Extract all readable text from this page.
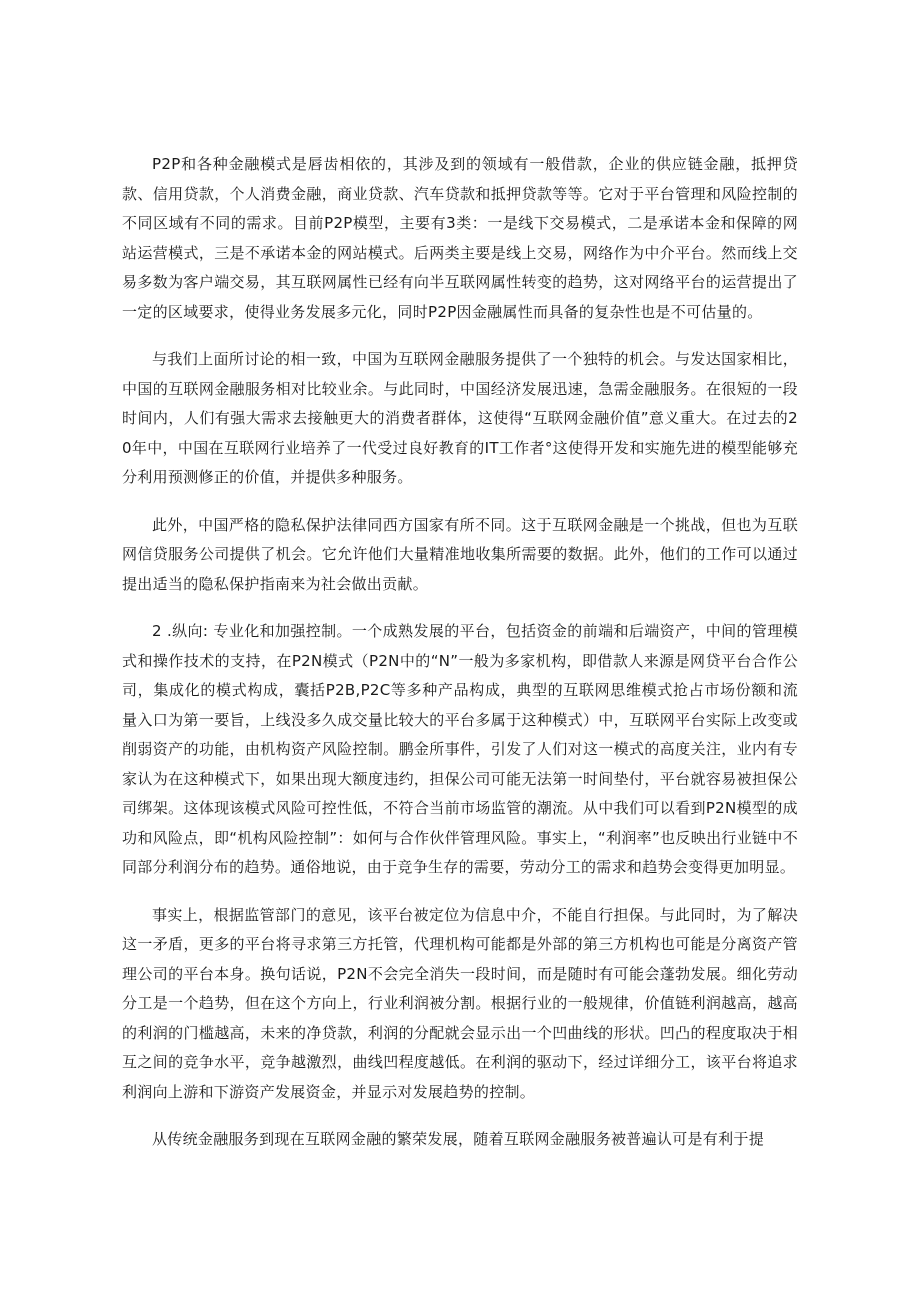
P2P和各种金融模式是唇齿相依的，其涉及到的领域有一般借款，企业的供应链金融，抵押贷款、信用贷款，个人消费金融，商业贷款、汽车贷款和抵押贷款等等。它对于平台管理和风险控制的不同区域有不同的需求。目前P2P模型，主要有3类：一是线下交易模式，二是承诺本金和保障的网站运营模式，三是不承诺本金的网站模式。后两类主要是线上交易，网络作为中介平台。然而线上交易多数为客户端交易，其互联网属性已经有向半互联网属性转变的趋势，这对网络平台的运营提出了一定的区域要求，使得业务发展多元化，同时P2P因金融属性而具备的复杂性也是不可估量的。

与我们上面所讨论的相一致，中国为互联网金融服务提供了一个独特的机会。与发达国家相比，中国的互联网金融服务相对比较业余。与此同时，中国经济发展迅速，急需金融服务。在很短的一段时间内，人们有强大需求去接触更大的消费者群体，这使得“互联网金融价值”意义重大。在过去的20年中，中国在互联网行业培养了一代受过良好教育的IT工作者°这使得开发和实施先进的模型能够充分利用预测修正的价值，并提供多种服务。

此外，中国严格的隐私保护法律同西方国家有所不同。这于互联网金融是一个挑战，但也为互联网信贷服务公司提供了机会。它允许他们大量精准地收集所需要的数据。此外，他们的工作可以通过提出适当的隐私保护指南来为社会做出贡献。

2 .纵向: 专业化和加强控制。一个成熟发展的平台，包括资金的前端和后端资产，中间的管理模式和操作技术的支持，在P2N模式（P2N中的“N”一般为多家机构，即借款人来源是网贷平台合作公司，集成化的模式构成，囊括P2B,P2C等多种产品构成，典型的互联网思维模式抢占市场份额和流量入口为第一要旨，上线没多久成交量比较大的平台多属于这种模式）中，互联网平台实际上改变或削弱资产的功能，由机构资产风险控制。鹏金所事件，引发了人们对这一模式的高度关注，业内有专家认为在这种模式下，如果出现大额度违约，担保公司可能无法第一时间垫付，平台就容易被担保公司绑架。这体现该模式风险可控性低，不符合当前市场监管的潮流。从中我们可以看到P2N模型的成功和风险点，即“机构风险控制”：如何与合作伙伴管理风险。事实上，“利润率”也反映出行业链中不同部分利润分布的趋势。通俗地说，由于竞争生存的需要，劳动分工的需求和趋势会变得更加明显。

事实上，根据监管部门的意见，该平台被定位为信息中介，不能自行担保。与此同时，为了解决这一矛盾，更多的平台将寻求第三方托管，代理机构可能都是外部的第三方机构也可能是分离资产管理公司的平台本身。换句话说，P2N不会完全消失一段时间，而是随时有可能会蓬勃发展。细化劳动分工是一个趋势，但在这个方向上，行业利润被分割。根据行业的一般规律，价值链利润越高，越高的利润的门槛越高，未来的净贷款，利润的分配就会显示出一个凹曲线的形状。凹凸的程度取决于相互之间的竞争水平，竞争越激烈，曲线凹程度越低。在利润的驱动下，经过详细分工，该平台将追求利润向上游和下游资产发展资金，并显示对发展趋势的控制。

从传统金融服务到现在互联网金融的繁荣发展，随着互联网金融服务被普遍认可是有利于提
